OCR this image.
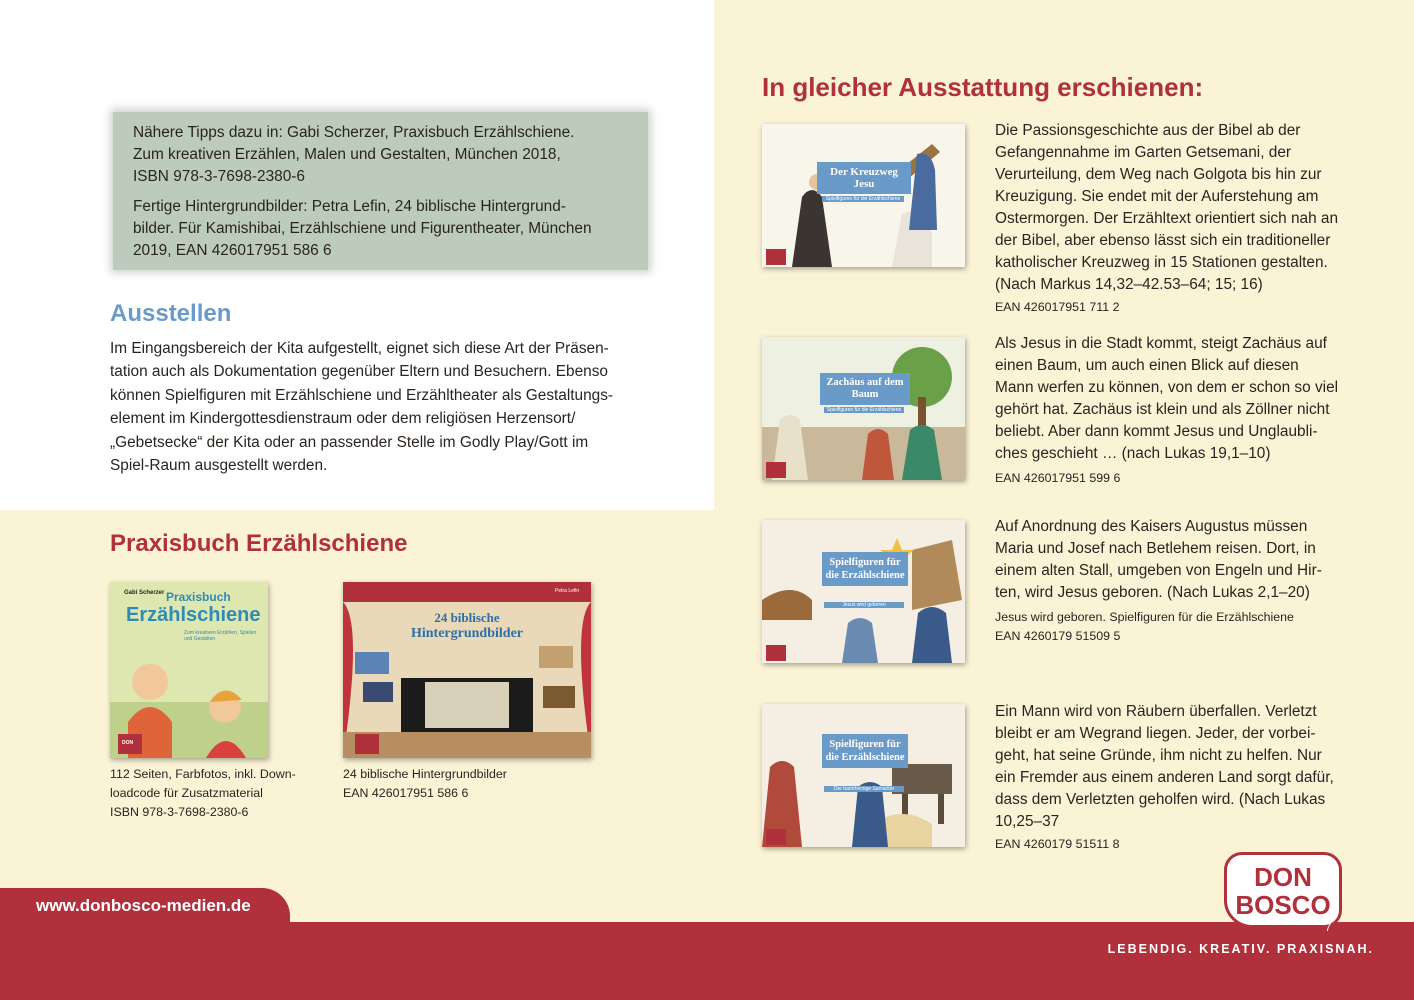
Nähere Tipps dazu in: Gabi Scherzer, Praxisbuch Erzählschiene.
Zum kreativen Erzählen, Malen und Gestalten, München 2018,
ISBN 978-3-7698-2380-6

Fertige Hintergrundbilder: Petra Lefin, 24 biblische Hintergrund-
bilder. Für Kamishibai, Erzählschiene und Figurentheater, München
2019, EAN 426017951 586 6

Ausstellen

Im Eingangsbereich der Kita aufgestellt, eignet sich diese Art der Präsen-

tation auch als Dokumentation gegenüber Eltern und Besuchern. Ebenso

können Spielfiguren mit Erzählschiene und Erzähltheater als Gestaltungs-

element im Kindergottesdienstraum oder dem religiösen Herzensort/

„Gebetsecke“ der Kita oder an passender Stelle im Godly Play/Gott im

Spiel-Raum ausgestellt werden.

Praxisbuch Erzählschiene
DON
Gabi Scherzer Praxisbuch
Erzählschiene
Zum kreativen Erzählen, Spielen und Gestalten
112 Seiten, Farbfotos, inkl. Down-
loadcode für Zusatzmaterial
ISBN 978-3-7698-2380-6
Petra Lefin
24 biblische
Hintergrundbilder
24 biblische Hintergrundbilder
EAN 426017951 586 6
In gleicher Ausstattung erschienen:
Der Kreuzweg Jesu
Spielfiguren für die Erzählschiene

Die Passionsgeschichte aus der Bibel ab der

Gefangennahme im Garten Getsemani, der

Verurteilung, dem Weg nach Golgota bis hin zur

Kreuzigung. Sie endet mit der Auferstehung am

Ostermorgen. Der Erzähltext orientiert sich nah an

der Bibel, aber ebenso lässt sich ein traditioneller

katholischer Kreuzweg in 15 Stationen gestalten.

(Nach Markus 14,32–42.53–64; 15; 16)

EAN 426017951 711 2

Zachäus auf dem Baum
Spielfiguren für die Erzählschiene

Als Jesus in die Stadt kommt, steigt Zachäus auf

einen Baum, um auch einen Blick auf diesen

Mann werfen zu können, von dem er schon so viel

gehört hat. Zachäus ist klein und als Zöllner nicht

beliebt. Aber dann kommt Jesus und Unglaubli-

ches geschieht … (nach Lukas 19,1–10)

EAN 426017951 599 6

Spielfiguren für die Erzählschiene
Jesus wird geboren

Auf Anordnung des Kaisers Augustus müssen

Maria und Josef nach Betlehem reisen. Dort, in

einem alten Stall, umgeben von Engeln und Hir-

ten, wird Jesus geboren. (Nach Lukas 2,1–20)

Jesus wird geboren. Spielfiguren für die Erzählschiene

EAN 4260179 51509 5

Spielfiguren für die Erzählschiene
Der barmherzige Samariter

Ein Mann wird von Räubern überfallen. Verletzt

bleibt er am Wegrand liegen. Jeder, der vorbei-

geht, hat seine Gründe, ihm nicht zu helfen. Nur

ein Fremder aus einem anderen Land sorgt dafür,

dass dem Verletzten geholfen wird. (Nach Lukas

10,25–37

EAN 4260179 51511 8

www.donbosco-medien.de
LEBENDIG. KREATIV. PRAXISNAH.
DON
BOSCO
7
